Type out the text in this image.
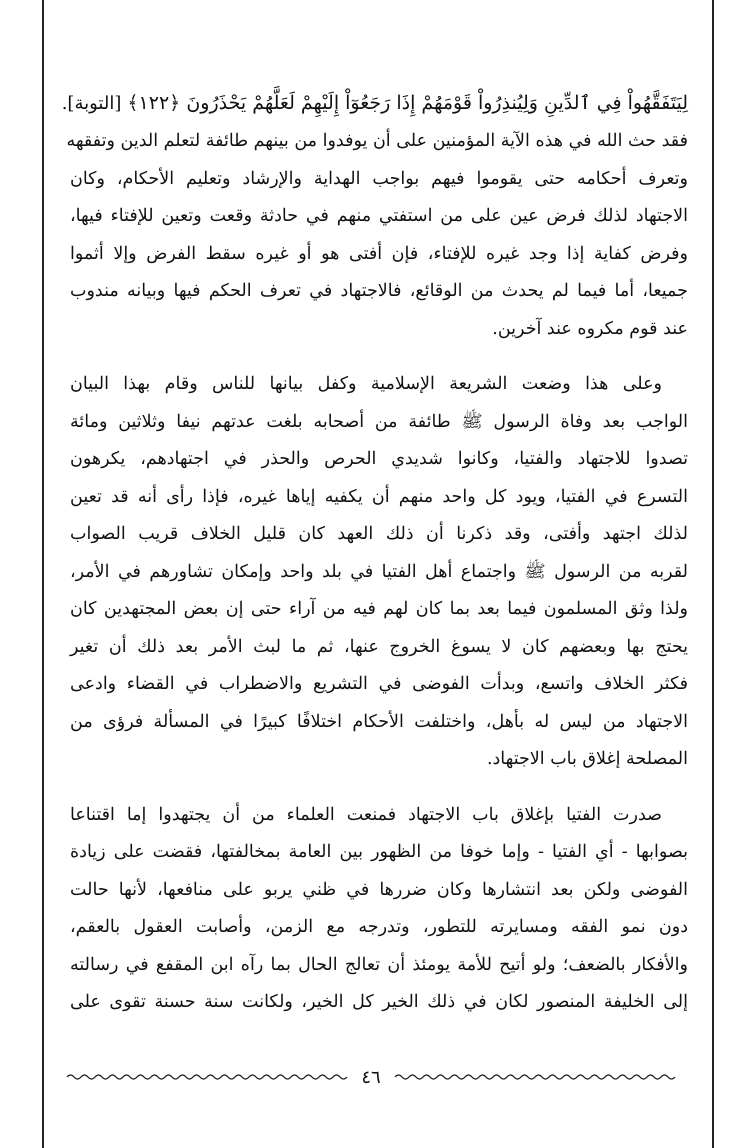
لِيَتَفَقَّهُواْ فِي ٱلدِّينِ وَلِيُنذِرُواْ قَوْمَهُمْ إِذَا رَجَعُوٓاْ إِلَيْهِمْ لَعَلَّهُمْ يَحْذَرُونَ ﴿١٢٢﴾ [التوبة].

فقد حث الله في هذه الآية المؤمنين على أن يوفدوا من بينهم طائفة لتعلم الدين وتفقهه
وتعرف أحكامه حتى يقوموا فيهم بواجب الهداية والإرشاد وتعليم الأحكام، وكان
الاجتهاد لذلك فرض عين على من استفتي منهم في حادثة وقعت وتعين للإفتاء فيها،
وفرض كفاية إذا وجد غيره للإفتاء، فإن أفتى هو أو غيره سقط الفرض وإلا أثموا
جميعا، أما فيما لم يحدث من الوقائع، فالاجتهاد في تعرف الحكم فيها وبيانه مندوب
عند قوم مكروه عند آخرين.

وعلى هذا وضعت الشريعة الإسلامية وكفل بيانها للناس وقام بهذا البيان
الواجب بعد وفاة الرسول ﷺ طائفة من أصحابه بلغت عدتهم نيفا وثلاثين ومائة
تصدوا للاجتهاد والفتيا، وكانوا شديدي الحرص والحذر في اجتهادهم، يكرهون
التسرع في الفتيا، ويود كل واحد منهم أن يكفيه إياها غيره، فإذا رأى أنه قد تعين
لذلك اجتهد وأفتى، وقد ذكرنا أن ذلك العهد كان قليل الخلاف قريب الصواب
لقربه من الرسول ﷺ واجتماع أهل الفتيا في بلد واحد وإمكان تشاورهم في الأمر،
ولذا وثق المسلمون فيما بعد بما كان لهم فيه من آراء حتى إن بعض المجتهدين كان
يحتج بها وبعضهم كان لا يسوغ الخروج عنها، ثم ما لبث الأمر بعد ذلك أن تغير
فكثر الخلاف واتسع، وبدأت الفوضى في التشريع والاضطراب في القضاء وادعى
الاجتهاد من ليس له بأهل، واختلفت الأحكام اختلافًا كبيرًا في المسألة فرؤى من
المصلحة إغلاق باب الاجتهاد.

صدرت الفتيا بإغلاق باب الاجتهاد فمنعت العلماء من أن يجتهدوا إما اقتناعا
بصوابها - أي الفتيا - وإما خوفا من الظهور بين العامة بمخالفتها، فقضت على زيادة
الفوضى ولكن بعد انتشارها وكان ضررها في ظني يربو على منافعها، لأنها حالت
دون نمو الفقه ومسايرته للتطور، وتدرجه مع الزمن، وأصابت العقول بالعقم،
والأفكار بالضعف؛ ولو أتيح للأمة يومئذ أن تعالج الحال بما رآه ابن المقفع في رسالته
إلى الخليفة المنصور لكان في ذلك الخير كل الخير، ولكانت سنة حسنة تقوى على

٤٦
